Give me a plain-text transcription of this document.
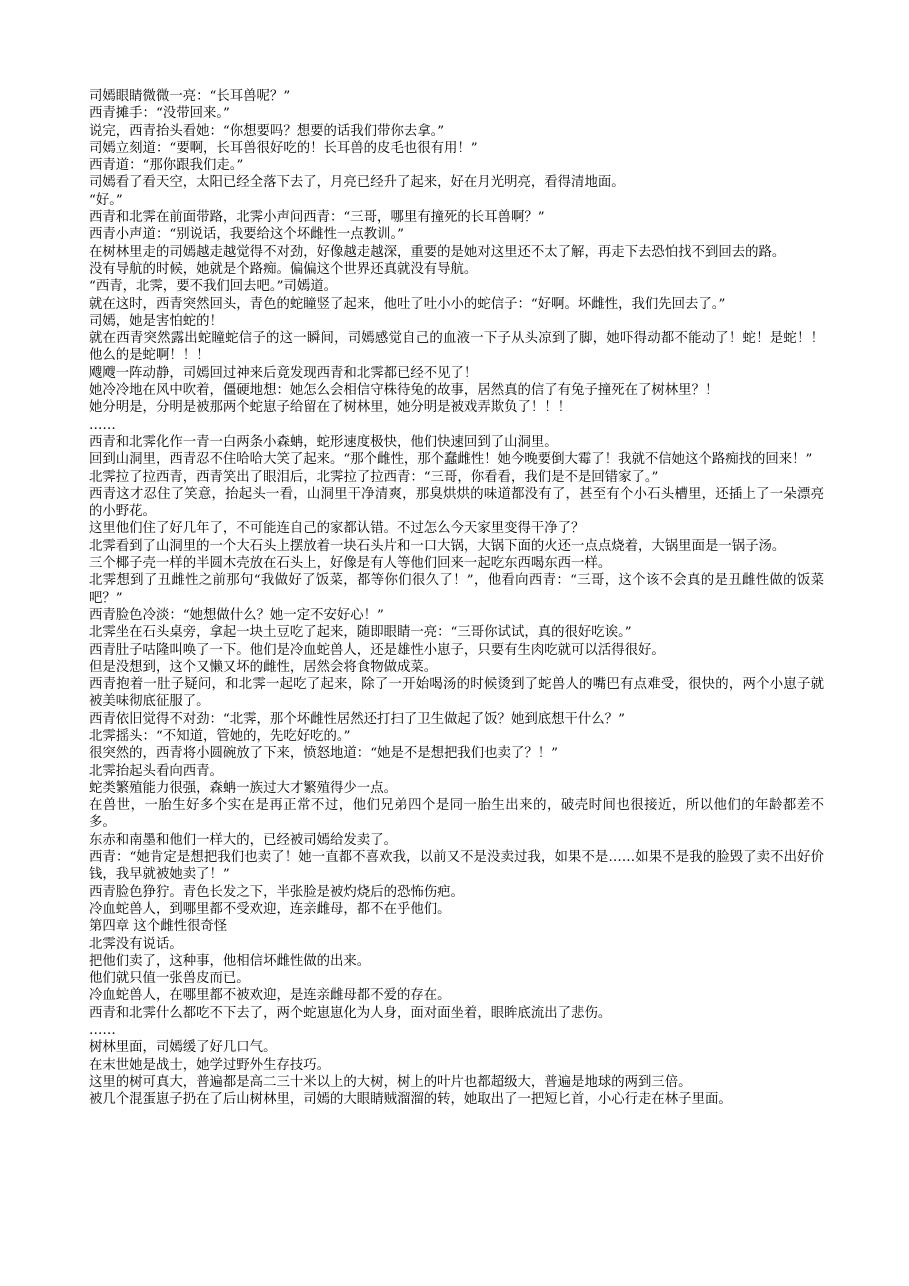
司嫣眼睛微微一亮：“长耳兽呢？”

西青摊手：“没带回来。”

说完，西青抬头看她：“你想要吗？想要的话我们带你去拿。”

司嫣立刻道：“要啊，长耳兽很好吃的！长耳兽的皮毛也很有用！”

西青道：“那你跟我们走。”

司嫣看了看天空，太阳已经全落下去了，月亮已经升了起来，好在月光明亮，看得清地面。

“好。”

西青和北霁在前面带路，北霁小声问西青：“三哥，哪里有撞死的长耳兽啊？”

西青小声道：“别说话，我要给这个坏雌性一点教训。”

在树林里走的司嫣越走越觉得不对劲，好像越走越深，重要的是她对这里还不太了解，再走下去恐怕找不到回去的路。

没有导航的时候，她就是个路痴。偏偏这个世界还真就没有导航。

“西青，北霁，要不我们回去吧。”司嫣道。

就在这时，西青突然回头，青色的蛇瞳竖了起来，他吐了吐小小的蛇信子：“好啊。坏雌性，我们先回去了。”

司嫣，她是害怕蛇的！

就在西青突然露出蛇瞳蛇信子的这一瞬间，司嫣感觉自己的血液一下子从头凉到了脚，她吓得动都不能动了！蛇！是蛇！！他么的是蛇啊！！！

飕飕一阵动静，司嫣回过神来后竟发现西青和北霁都已经不见了！

她冷冷地在风中吹着，僵硬地想：她怎么会相信守株待兔的故事，居然真的信了有兔子撞死在了树林里？！

她分明是，分明是被那两个蛇崽子给留在了树林里，她分明是被戏弄欺负了！！！

……

西青和北霁化作一青一白两条小森蚺，蛇形速度极快，他们快速回到了山洞里。

回到山洞里，西青忍不住哈哈大笑了起来。“那个雌性，那个蠢雌性！她今晚要倒大霉了！我就不信她这个路痴找的回来！”

北霁拉了拉西青，西青笑出了眼泪后，北霁拉了拉西青：“三哥，你看看，我们是不是回错家了。”

西青这才忍住了笑意，抬起头一看，山洞里干净清爽，那臭烘烘的味道都没有了，甚至有个小石头槽里，还插上了一朵漂亮的小野花。

这里他们住了好几年了，不可能连自己的家都认错。不过怎么今天家里变得干净了？

北霁看到了山洞里的一个大石头上摆放着一块石头片和一口大锅，大锅下面的火还一点点烧着，大锅里面是一锅子汤。

三个椰子壳一样的半圆木壳放在石头上，好像是有人等他们回来一起吃东西喝东西一样。

北霁想到了丑雌性之前那句“我做好了饭菜，都等你们很久了！”，他看向西青：“三哥，这个该不会真的是丑雌性做的饭菜吧？”

西青脸色冷淡：“她想做什么？她一定不安好心！”

北霁坐在石头桌旁，拿起一块土豆吃了起来，随即眼睛一亮：“三哥你试试，真的很好吃诶。”

西青肚子咕隆叫唤了一下。他们是冷血蛇兽人，还是雄性小崽子，只要有生肉吃就可以活得很好。

但是没想到，这个又懒又坏的雌性，居然会将食物做成菜。

西青抱着一肚子疑问，和北霁一起吃了起来，除了一开始喝汤的时候烫到了蛇兽人的嘴巴有点难受，很快的，两个小崽子就被美味彻底征服了。

西青依旧觉得不对劲：“北霁，那个坏雌性居然还打扫了卫生做起了饭？她到底想干什么？”

北霁摇头：“不知道，管她的，先吃好吃的。”

很突然的，西青将小圆碗放了下来，愤怒地道：“她是不是想把我们也卖了？！”

北霁抬起头看向西青。

蛇类繁殖能力很强，森蚺一族过大才繁殖得少一点。

在兽世，一胎生好多个实在是再正常不过，他们兄弟四个是同一胎生出来的，破壳时间也很接近，所以他们的年龄都差不多。

东赤和南墨和他们一样大的，已经被司嫣给发卖了。

西青：“她肯定是想把我们也卖了！她一直都不喜欢我，以前又不是没卖过我，如果不是……如果不是我的脸毁了卖不出好价钱，我早就被她卖了！”

西青脸色狰狞。青色长发之下，半张脸是被灼烧后的恐怖伤疤。

冷血蛇兽人，到哪里都不受欢迎，连亲雌母，都不在乎他们。

第四章 这个雌性很奇怪

北霁没有说话。

把他们卖了，这种事，他相信坏雌性做的出来。

他们就只值一张兽皮而已。

冷血蛇兽人，在哪里都不被欢迎，是连亲雌母都不爱的存在。

西青和北霁什么都吃不下去了，两个蛇崽崽化为人身，面对面坐着，眼眸底流出了悲伤。

……

树林里面，司嫣缓了好几口气。

在末世她是战士，她学过野外生存技巧。

这里的树可真大，普遍都是高二三十米以上的大树，树上的叶片也都超级大，普遍是地球的两到三倍。

被几个混蛋崽子扔在了后山树林里，司嫣的大眼睛贼溜溜的转，她取出了一把短匕首，小心行走在林子里面。
